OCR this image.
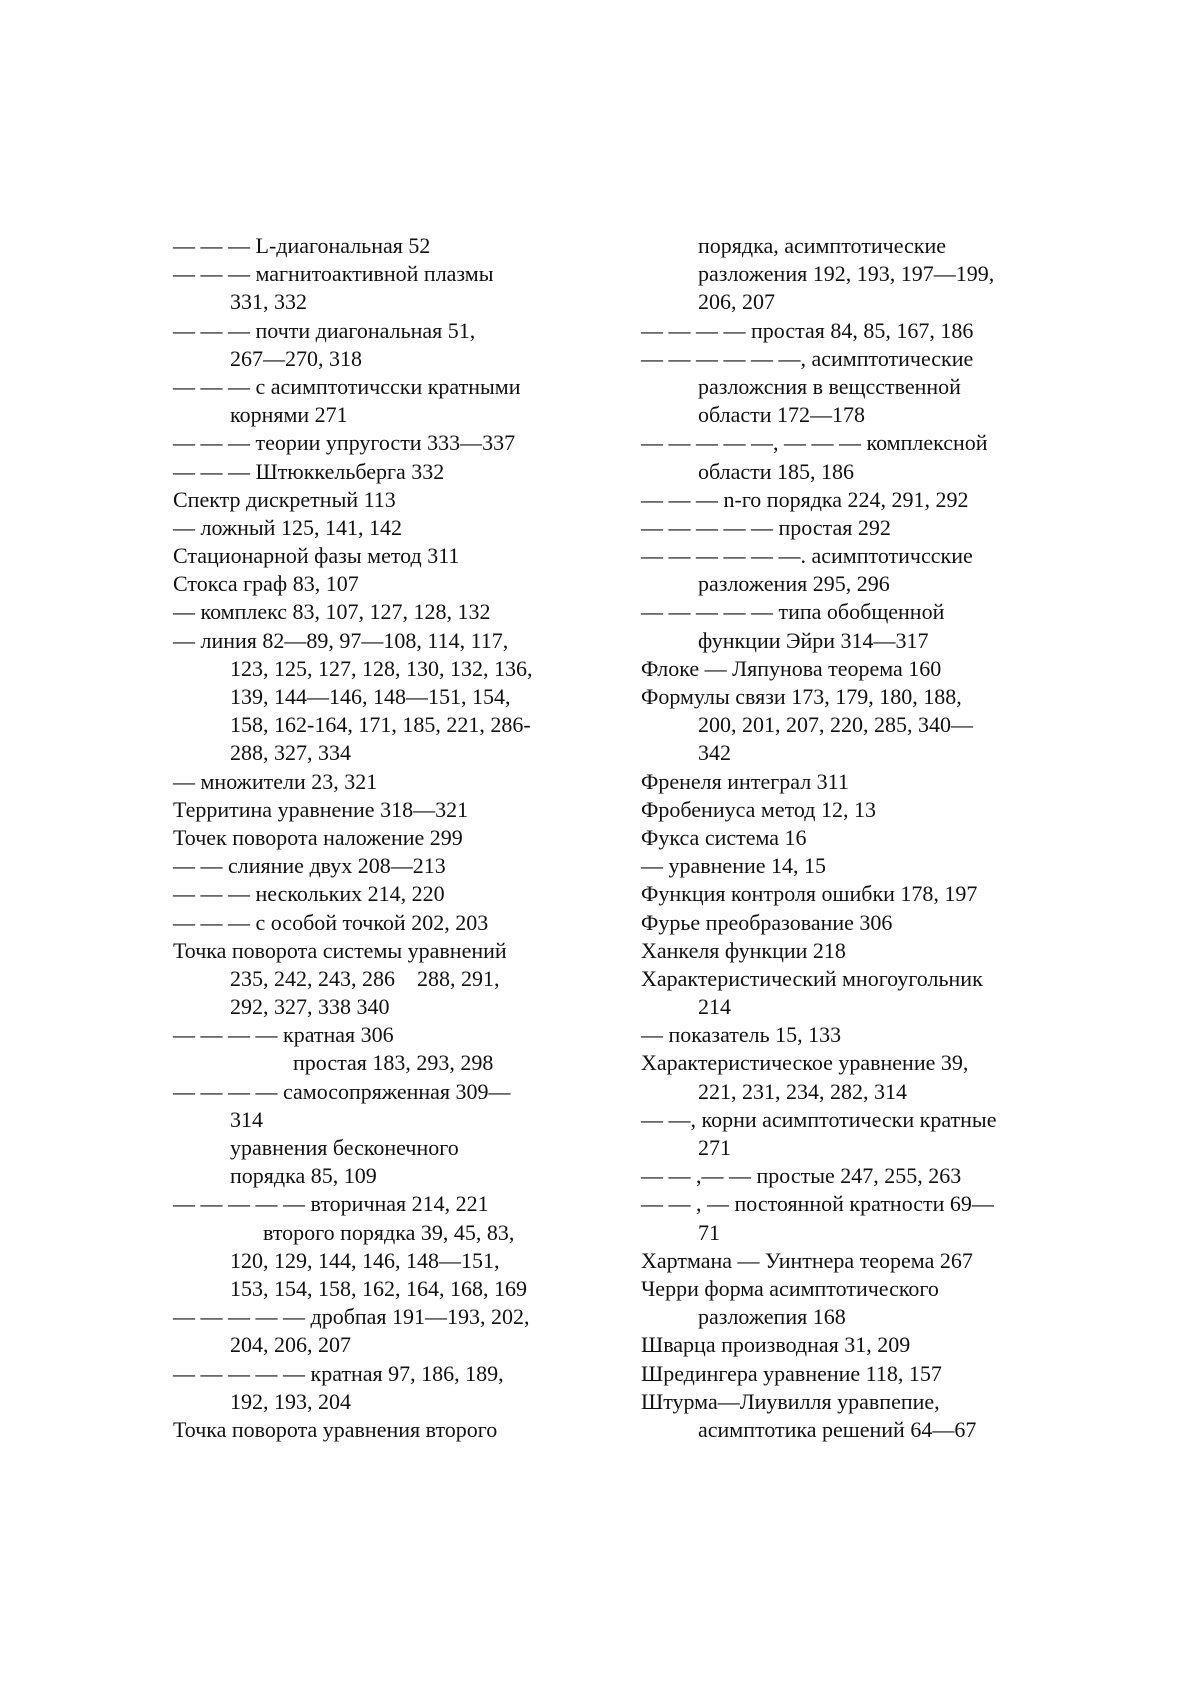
— — — L-диагональная 52
— — — магнитоактивной плазмы
331, 332
— — — почти диагональная 51,
267—270, 318
— — — с асимптотичсски кратными
корнями 271
— — — теории упругости 333—337
— — — Штюккельберга 332
Спектр дискретный 113
— ложный 125, 141, 142
Стационарной фазы метод 311
Стокса граф 83, 107
— комплекс 83, 107, 127, 128, 132
— линия 82—89, 97—108, 114, 117,
123, 125, 127, 128, 130, 132, 136,
139, 144—146, 148—151, 154,
158, 162-164, 171, 185, 221, 286-
288, 327, 334
— множители 23, 321
Территина уравнение 318—321
Точек поворота наложение 299
— — слияние двух 208—213
— — — нескольких 214, 220
— — — с особой точкой 202, 203
Точка поворота системы уравнений
235, 242, 243, 286    288, 291,
292, 327, 338 340
— — — — кратная 306
простая 183, 293, 298
— — — — самосопряженная 309—
314
уравнения бесконечного
порядка 85, 109
— — — — — вторичная 214, 221
второго порядка 39, 45, 83,
120, 129, 144, 146, 148—151,
153, 154, 158, 162, 164, 168, 169
— — — — — дробпая 191—193, 202,
204, 206, 207
— — — — — кратная 97, 186, 189,
192, 193, 204
Точка поворота уравнения второго
порядка, асимптотические
разложения 192, 193, 197—199,
206, 207
— — — — простая 84, 85, 167, 186
— — — — — —, асимптотические
разложсния в вещсственной
области 172—178
— — — — —, — — — комплексной
области 185, 186
— — — n-го порядка 224, 291, 292
— — — — — простая 292
— — — — — —. асимптотичсские
разложения 295, 296
— — — — — типа обобщенной
функции Эйри 314—317
Флоке — Ляпунова теорема 160
Формулы связи 173, 179, 180, 188,
200, 201, 207, 220, 285, 340—
342
Френеля интеграл 311
Фробениуса метод 12, 13
Фукса система 16
— уравнение 14, 15
Функция контроля ошибки 178, 197
Фурье преобразование 306
Ханкеля функции 218
Характеристический многоугольник
214
— показатель 15, 133
Характеристическое уравнение 39,
221, 231, 234, 282, 314
— —, корни асимптотически кратные
271
— — ,— — простые 247, 255, 263
— — , — постоянной кратности 69—
71
Хартмана — Уинтнера теорема 267
Черри форма асимптотического
разложепия 168
Шварца производная 31, 209
Шредингера уравнение 118, 157
Штурма—Лиувилля уравпепие,
асимптотика решений 64—67
